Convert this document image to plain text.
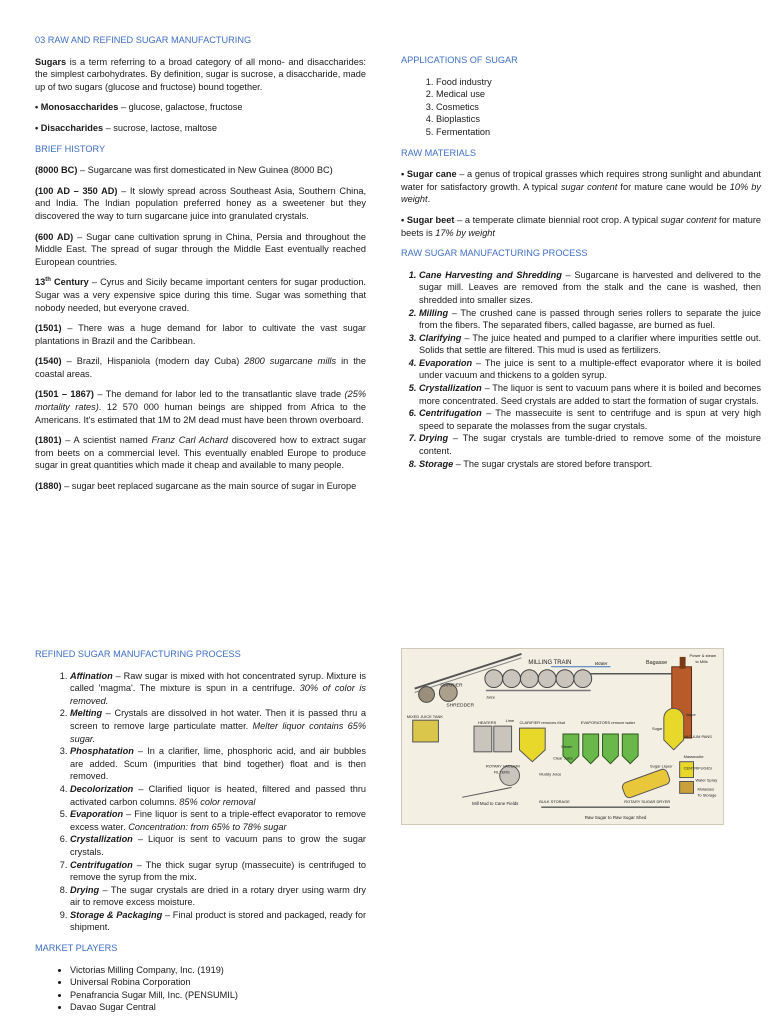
03 RAW AND REFINED SUGAR MANUFACTURING

Sugars is a term referring to a broad category of all mono- and disaccharides: the simplest carbohydrates. By definition, sugar is sucrose, a disaccharide, made up of two sugars (glucose and fructose) bound together.

• Monosaccharides – glucose, galactose, fructose

• Disaccharides – sucrose, lactose, maltose

BRIEF HISTORY

(8000 BC) – Sugarcane was first domesticated in New Guinea (8000 BC)

(100 AD – 350 AD) – It slowly spread across Southeast Asia, Southern China, and India. The Indian population preferred honey as a sweetener but they discovered the way to turn sugarcane juice into granulated crystals.

(600 AD) – Sugar cane cultivation sprung in China, Persia and throughout the Middle East. The spread of sugar through the Middle East eventually reached European countries.

13th Century – Cyrus and Sicily became important centers for sugar production. Sugar was a very expensive spice during this time. Sugar was something that nobody needed, but everyone craved.

(1501) – There was a huge demand for labor to cultivate the vast sugar plantations in Brazil and the Caribbean.

(1540) – Brazil, Hispaniola (modern day Cuba) 2800 sugarcane mills in the coastal areas.

(1501 – 1867) – The demand for labor led to the transatlantic slave trade (25% mortality rates). 12 570 000 human beings are shipped from Africa to the Americans. It's estimated that 1M to 2M dead must have been thrown overboard.

(1801) – A scientist named Franz Carl Achard discovered how to extract sugar from beets on a commercial level. This eventually enabled Europe to produce sugar in great quantities which made it cheap and available to many people.

(1880) – sugar beet replaced sugarcane as the main source of sugar in Europe

APPLICATIONS OF SUGAR
1. Food industry
2. Medical use
3. Cosmetics
4. Bioplastics
5. Fermentation
RAW MATERIALS

• Sugar cane – a genus of tropical grasses which requires strong sunlight and abundant water for satisfactory growth. A typical sugar content for mature cane would be 10% by weight.

• Sugar beet – a temperate climate biennial root crop. A typical sugar content for mature beets is 17% by weight

RAW SUGAR MANUFACTURING PROCESS
1. Cane Harvesting and Shredding – Sugarcane is harvested and delivered to the sugar mill. Leaves are removed from the stalk and the cane is washed, then shredded into smaller sizes.
2. Milling – The crushed cane is passed through series rollers to separate the juice from the fibers. The separated fibers, called bagasse, are burned as fuel.
3. Clarifying – The juice heated and pumped to a clarifier where impurities settle out. Solids that settle are filtered. This mud is used as fertilizers.
4. Evaporation – The juice is sent to a multiple-effect evaporator where it is boiled under vacuum and thickens to a golden syrup.
5. Crystallization – The liquor is sent to vacuum pans where it is boiled and becomes more concentrated. Seed crystals are added to start the formation of sugar crystals.
6. Centrifugation – The massecuite is sent to centrifuge and is spun at very high speed to separate the molasses from the sugar crystals.
7. Drying – The sugar crystals are tumble-dried to remove some of the moisture content.
8. Storage – The sugar crystals are stored before transport.
REFINED SUGAR MANUFACTURING PROCESS
1. Affination – Raw sugar is mixed with hot concentrated syrup. Mixture is called 'magma'. The mixture is spun in a centrifuge. 30% of color is removed.
2. Melting – Crystals are dissolved in hot water. Then it is passed thru a screen to remove large particulate matter. Melter liquor contains 65% sugar.
3. Phosphatation – In a clarifier, lime, phosphoric acid, and air bubbles are added. Scum (impurities that bind together) float and is then removed.
4. Decolorization – Clarified liquor is heated, filtered and passed thru activated carbon columns. 85% color removal
5. Evaporation – Fine liquor is sent to a triple-effect evaporator to remove excess water. Concentration: from 65% to 78% sugar
6. Crystallization – Liquor is sent to vacuum pans to grow the sugar crystals.
7. Centrifugation – The thick sugar syrup (massecuite) is centrifuged to remove the syrup from the mix.
8. Drying – The sugar crystals are dried in a rotary dryer using warm dry air to remove excess moisture.
9. Storage & Packaging – Final product is stored and packaged, ready for shipment.
MARKET PLAYERS
• Victorias Milling Company, Inc. (1919)
• Universal Robina Corporation
• Penafrancia Sugar Mill, Inc. (PENSUMIL)
• Davao Sugar Central
MILLING TRAIN	Water	Bagasse
Power & steam
to Mills
CARRIER
SHREDDER
Juice
MIXED JUICE TANK
HEATERS Lime CLARIFIER removes Mud	EVAPORATORS remove water
Vapor
Sugar
VACUUM PANS
Steam
Clear Juice
ROTARY VACUUM
FILTERS	Muddy Juice
Massecuite
CENTRIFUGES
Sugar Liquor
Water Spray
Molasses
To Storage
BULK STORAGE	ROTARY SUGAR DRYER
Mill Mud to Cane Fields
Raw Sugar to Raw Sugar Shed
